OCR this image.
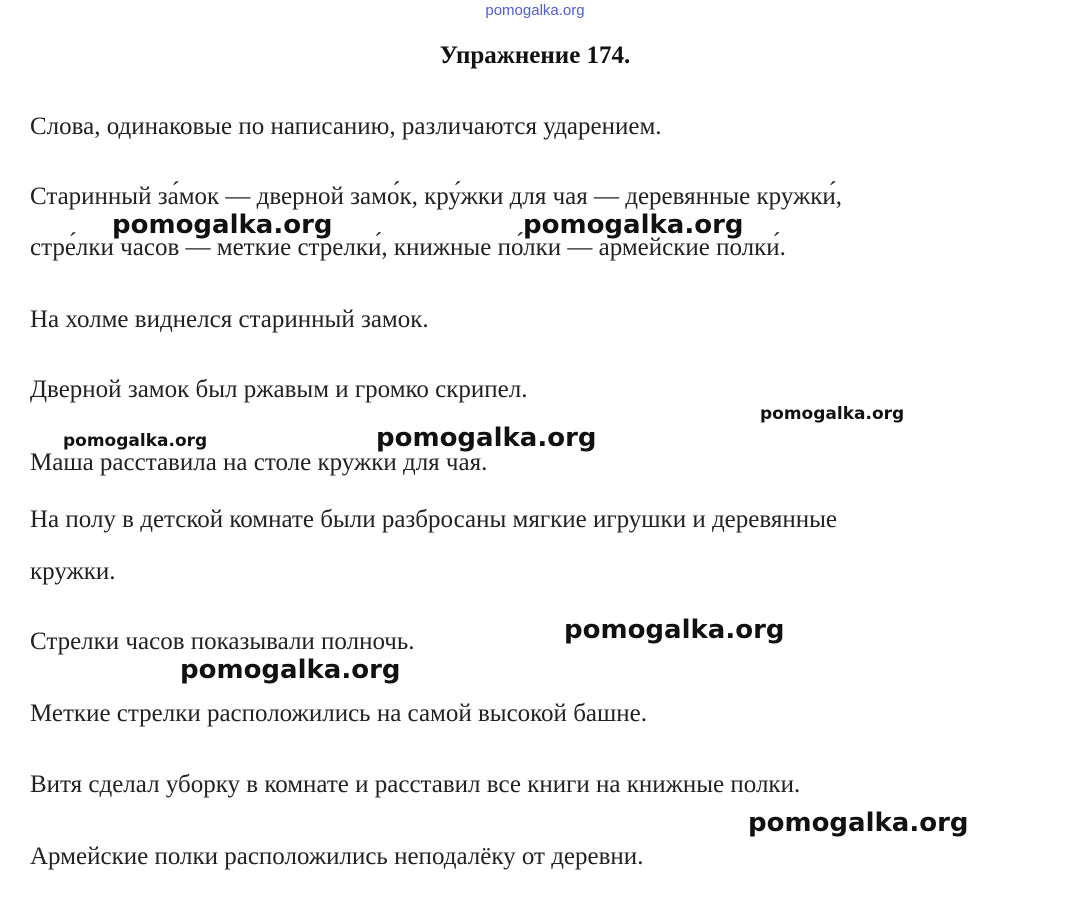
pomogalka.org
Упражнение 174.
Слова, одинаковые по написанию, различаются ударением.
Старинный за́мок — дверной замо́к, кру́жки для чая — деревянные кружки́,
стре́лки часов — меткие стрелки́, книжные по́лки — армейские полки́.
На холме виднелся старинный замок.
Дверной замок был ржавым и громко скрипел.
Маша расставила на столе кружки для чая.
На полу в детской комнате были разбросаны мягкие игрушки и деревянные
кружки.
Стрелки часов показывали полночь.
Меткие стрелки расположились на самой высокой башне.
Витя сделал уборку в комнате и расставил все книги на книжные полки.
Армейские полки расположились неподалёку от деревни.
pomogalka.org	pomogalka.org
pomogalka.org
pomogalka.org	pomogalka.org
pomogalka.org
pomogalka.org
pomogalka.org
